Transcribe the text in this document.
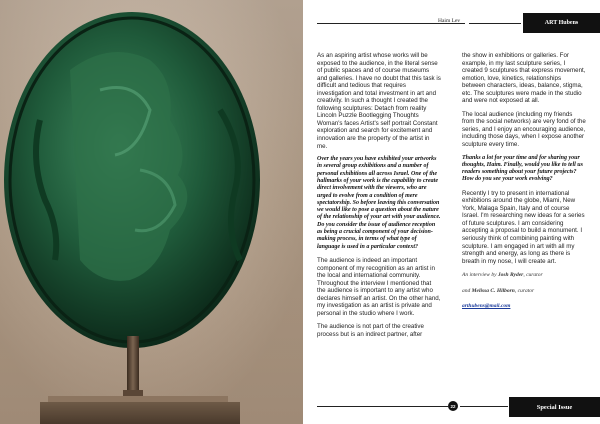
Haim Lev	ART Hubens

As an aspiring artist whose works will be exposed to the audience, in the literal sense of public spaces and of course museums and galleries. I have no doubt that this task is difficult and tedious that requires investigation and total investment in art and creativity. In such a thought I created the following sculptures: Detach from reality Lincoln Puzzle Bootlegging Thoughts Woman's faces Artist's self portrait Constant exploration and search for excitement and innovation are the property of the artist in me.

Over the years you have exhibited your artworks in several group exhibitions and a number of personal exhibitions all across Israel. One of the hallmarks of your work is the capability to create direct involvement with the viewers, who are urged to evolve from a condition of mere spectatorship. So before leaving this conversation we would like to pose a question about the nature of the relationship of your art with your audience. Do you consider the issue of audience reception as being a crucial component of your decision-making process, in terms of what type of language is used in a particular context?

The audience is indeed an important component of my recognition as an artist in the local and international community. Throughout the interview I mentioned that the audience is important to any artist who declares himself an artist. On the other hand, my investigation as an artist is private and personal in the studio where I work.

The audience is not part of the creative process but is an indirect partner, after

the show in exhibitions or galleries. For example, in my last sculpture series, I created 9 sculptures that express movement, emotion, love, kinetics, relationships between characters, ideas, balance, stigma, etc. The sculptures were made in the studio and were not exposed at all.

The local audience (including my friends from the social networks) are very fond of the series, and I enjoy an encouraging audience, including those days, when I expose another sculpture every time.

Thanks a lot for your time and for sharing your thoughts, Haim. Finally, would you like to tell us readers something about your future projects? How do you see your work evolving?

Recently I try to present in international exhibitions around the globe, Miami, New York, Malaga Spain, Italy and of course Israel. I'm researching new ideas for a series of future sculptures. I am considering accepting a proposal to build a monument. I seriously think of combining painting with sculpture. I am engaged in art with all my strength and energy, as long as there is breath in my nose, I will create art.

An interview by Josh Ryder, curator

and Melissa C. Hilborn, curator

arthubens@mail.com

22	Special Issue
